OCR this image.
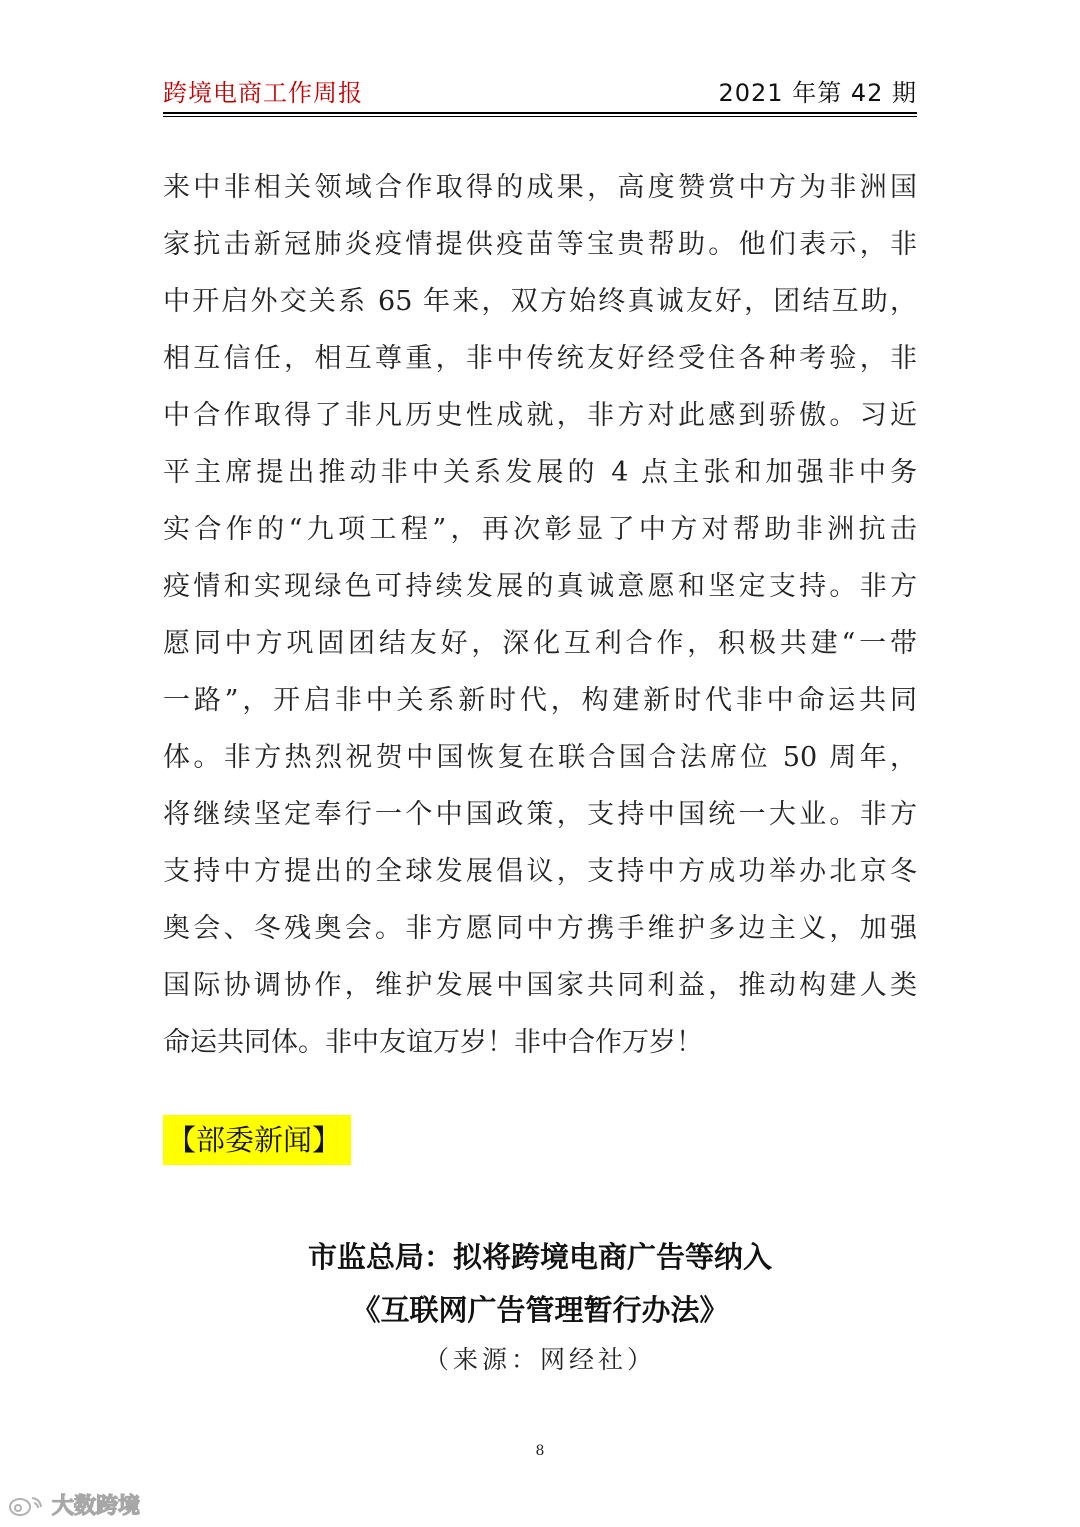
跨境电商工作周报	2021 年第 42 期
来中非相关领域合作取得的成果，高度赞赏中方为非洲国
家抗击新冠肺炎疫情提供疫苗等宝贵帮助。他们表示，非
中开启外交关系 65 年来，双方始终真诚友好，团结互助，
相互信任，相互尊重，非中传统友好经受住各种考验，非
中合作取得了非凡历史性成就，非方对此感到骄傲。习近
平主席提出推动非中关系发展的 4 点主张和加强非中务
实合作的“九项工程”，再次彰显了中方对帮助非洲抗击
疫情和实现绿色可持续发展的真诚意愿和坚定支持。非方
愿同中方巩固团结友好，深化互利合作，积极共建“一带
一路”，开启非中关系新时代，构建新时代非中命运共同
体。非方热烈祝贺中国恢复在联合国合法席位 50 周年，
将继续坚定奉行一个中国政策，支持中国统一大业。非方
支持中方提出的全球发展倡议，支持中方成功举办北京冬
奥会、冬残奥会。非方愿同中方携手维护多边主义，加强
国际协调协作，维护发展中国家共同利益，推动构建人类
命运共同体。非中友谊万岁！非中合作万岁！
【部委新闻】
市监总局：拟将跨境电商广告等纳入
《互联网广告管理暂行办法》
（来源：网经社）
8
大数跨境
